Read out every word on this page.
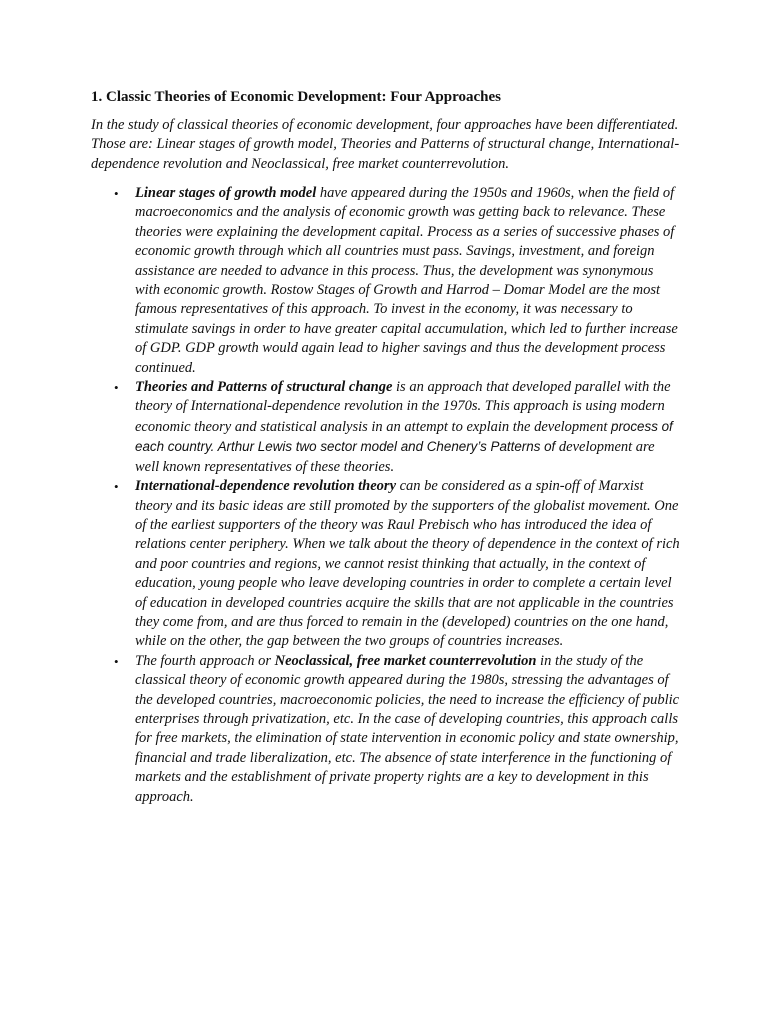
1. Classic Theories of Economic Development: Four Approaches

In the study of classical theories of economic development, four approaches have been differentiated. Those are: Linear stages of growth model, Theories and Patterns of structural change, International-dependence revolution and Neoclassical, free market counterrevolution.

• Linear stages of growth model have appeared during the 1950s and 1960s, when the field of macroeconomics and the analysis of economic growth was getting back to relevance. These theories were explaining the development capital. Process as a series of successive phases of economic growth through which all countries must pass. Savings, investment, and foreign assistance are needed to advance in this process. Thus, the development was synonymous with economic growth. Rostow Stages of Growth and Harrod – Domar Model are the most famous representatives of this approach. To invest in the economy, it was necessary to stimulate savings in order to have greater capital accumulation, which led to further increase of GDP. GDP growth would again lead to higher savings and thus the development process continued.
• Theories and Patterns of structural change is an approach that developed parallel with the theory of International-dependence revolution in the 1970s. This approach is using modern economic theory and statistical analysis in an attempt to explain the development process of each country. Arthur Lewis two sector model and Chenery’s Patterns of development are well known representatives of these theories.
• International-dependence revolution theory can be considered as a spin-off of Marxist theory and its basic ideas are still promoted by the supporters of the globalist movement. One of the earliest supporters of the theory was Raul Prebisch who has introduced the idea of relations center periphery. When we talk about the theory of dependence in the context of rich and poor countries and regions, we cannot resist thinking that actually, in the context of education, young people who leave developing countries in order to complete a certain level of education in developed countries acquire the skills that are not applicable in the countries they come from, and are thus forced to remain in the (developed) countries on the one hand, while on the other, the gap between the two groups of countries increases.
• The fourth approach or Neoclassical, free market counterrevolution in the study of the classical theory of economic growth appeared during the 1980s, stressing the advantages of the developed countries, macroeconomic policies, the need to increase the efficiency of public enterprises through privatization, etc. In the case of developing countries, this approach calls for free markets, the elimination of state intervention in economic policy and state ownership, financial and trade liberalization, etc. The absence of state interference in the functioning of markets and the establishment of private property rights are a key to development in this approach.
